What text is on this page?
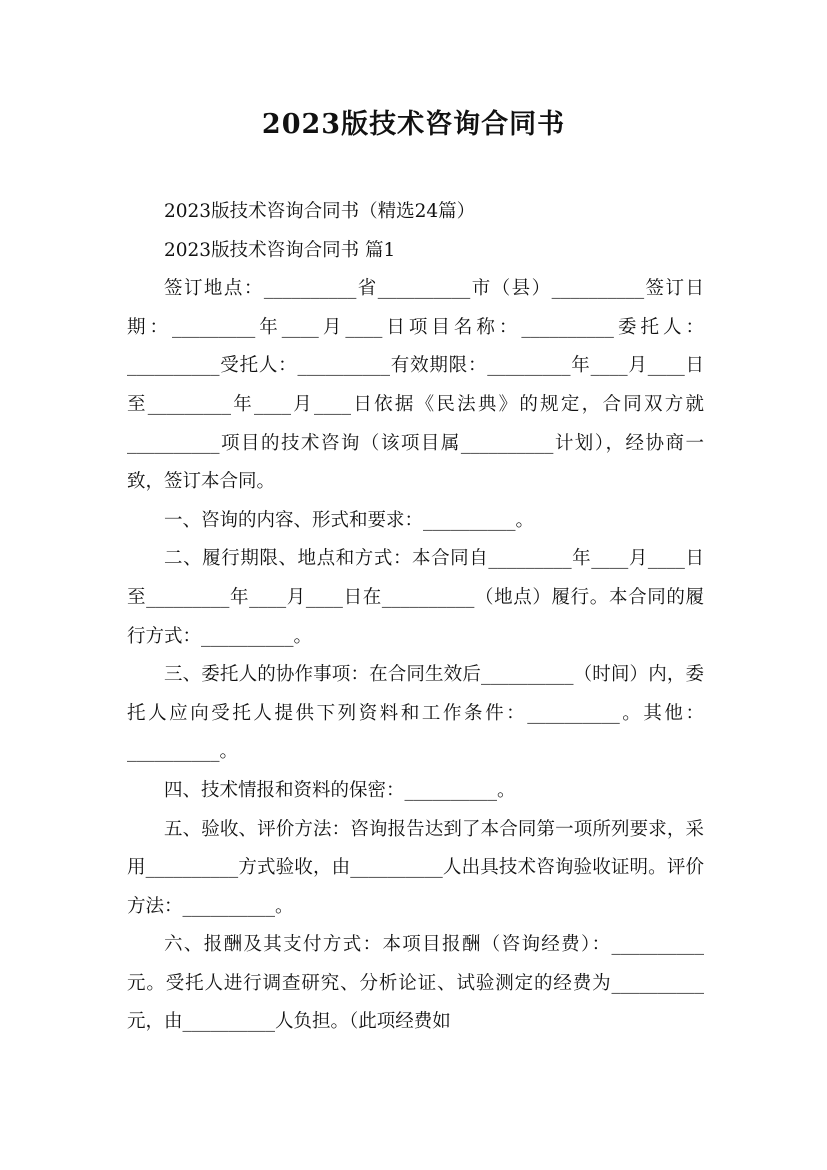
2023版技术咨询合同书

2023版技术咨询合同书（精选24篇）

2023版技术咨询合同书 篇1

签订地点：__________省__________市（县）__________签订日期：_________年____月____日项目名称：__________委托人：__________受托人：__________有效期限：_________年____月____日至_________年____月____日依据《民法典》的规定，合同双方就__________项目的技术咨询（该项目属__________计划），经协商一致，签订本合同。

一、咨询的内容、形式和要求：__________。

二、履行期限、地点和方式：本合同自_________年____月____日至_________年____月____日在__________（地点）履行。本合同的履行方式：__________。

三、委托人的协作事项：在合同生效后__________（时间）内，委托人应向受托人提供下列资料和工作条件：__________。其他：__________。

四、技术情报和资料的保密：__________。

五、验收、评价方法：咨询报告达到了本合同第一项所列要求，采用__________方式验收，由__________人出具技术咨询验收证明。评价方法：__________。

六、报酬及其支付方式：本项目报酬（咨询经费）：__________元。受托人进行调查研究、分析论证、试验测定的经费为__________元，由__________人负担。（此项经费如
